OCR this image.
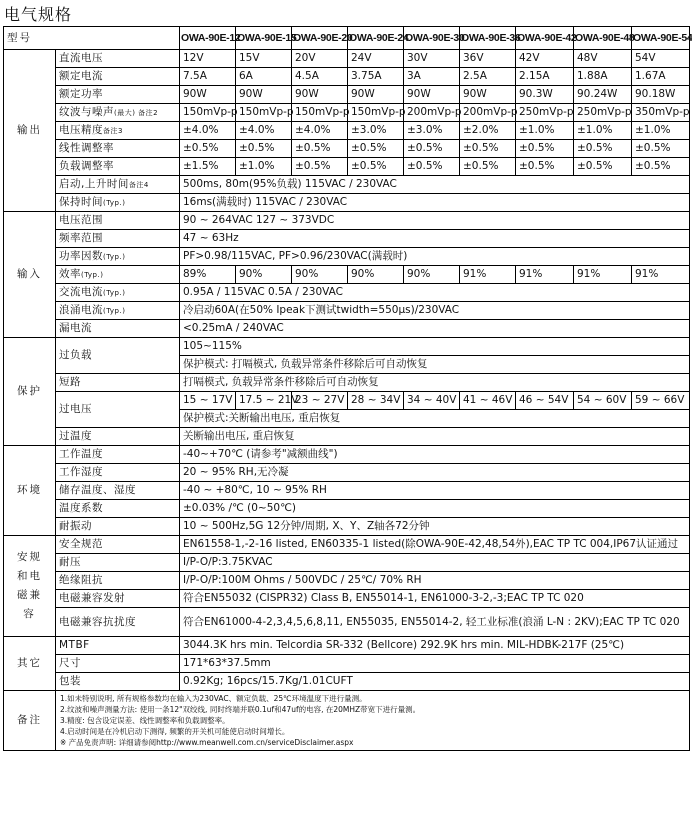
电气规格
型号		OWA-90E-12	OWA-90E-15	OWA-90E-20	OWA-90E-24	OWA-90E-30	OWA-90E-36	OWA-90E-42	OWA-90E-48	OWA-90E-54
输出	直流电压	12V	15V	20V	24V	30V	36V	42V	48V	54V
	额定电流	7.5A	6A	4.5A	3.75A	3A	2.5A	2.15A	1.88A	1.67A
	额定功率	90W	90W	90W	90W	90W	90W	90.3W	90.24W	90.18W
	纹波与噪声(最大) 备注2	150mVp-p	150mVp-p	150mVp-p	150mVp-p	200mVp-p	200mVp-p	250mVp-p	250mVp-p	350mVp-p
	电压精度备注3	±4.0%	±4.0%	±4.0%	±3.0%	±3.0%	±2.0%	±1.0%	±1.0%	±1.0%
	线性调整率	±0.5%	±0.5%	±0.5%	±0.5%	±0.5%	±0.5%	±0.5%	±0.5%	±0.5%
	负载调整率	±1.5%	±1.0%	±0.5%	±0.5%	±0.5%	±0.5%	±0.5%	±0.5%	±0.5%
	启动,上升时间备注4	500ms, 80m(95%负载) 115VAC / 230VAC								
	保持时间(Typ.)	16ms(满载时) 115VAC / 230VAC								
输入	电压范围	90 ~ 264VAC 127 ~ 373VDC								
	频率范围	47 ~ 63Hz								
	功率因数(Typ.)	PF>0.98/115VAC, PF>0.96/230VAC(满载时)								
	效率(Typ.)	89%	90%	90%	90%	90%	91%	91%	91%	91%
	交流电流(Typ.)	0.95A / 115VAC 0.5A / 230VAC								
	浪涌电流(Typ.)	冷启动60A(在50% Ipeak下测试twidth=550µs)/230VAC								
	漏电流	<0.25mA / 240VAC								
保护	过负载	105~115%								
		保护模式: 打嗝模式, 负载异常条件移除后可自动恢复								
	短路	打嗝模式, 负载异常条件移除后可自动恢复								
	过电压	15 ~ 17V	17.5 ~ 21V	23 ~ 27V	28 ~ 34V	34 ~ 40V	41 ~ 46V	46 ~ 54V	54 ~ 60V	59 ~ 66V
		保护模式:关断输出电压, 重启恢复								
	过温度	关断输出电压, 重启恢复								
环境	工作温度	-40~+70℃ (请参考"减额曲线")								
	工作湿度	20 ~ 95% RH,无冷凝								
	储存温度、湿度	-40 ~ +80℃, 10 ~ 95% RH								
	温度系数	±0.03% /℃ (0~50℃)								
	耐振动	10 ~ 500Hz,5G 12分钟/周期, X、Y、Z轴各72分钟								
安规和电磁兼容	安全规范	EN61558-1,-2-16 listed, EN60335-1 listed(除OWA-90E-42,48,54外),EAC TP TC 004,IP67认证通过								
	耐压	I/P-O/P:3.75KVAC								
	绝缘阻抗	I/P-O/P:100M Ohms / 500VDC / 25℃/ 70% RH								
	电磁兼容发射	符合EN55032 (CISPR32) Class B, EN55014-1, EN61000-3-2,-3;EAC TP TC 020								
	电磁兼容抗扰度	符合EN61000-4-2,3,4,5,6,8,11, EN55035, EN55014-2, 轻工业标准(浪涌 L-N : 2KV);EAC TP TC 020								
其它	MTBF	3044.3K hrs min. Telcordia SR-332 (Bellcore) 292.9K hrs min. MIL-HDBK-217F (25℃)								
	尺寸	171*63*37.5mm								
	包装	0.92Kg; 16pcs/15.7Kg/1.01CUFT								
备注	1.如未特别说明, 所有规格参数均在输入为230VAC、额定负载、25℃环境温度下进行量测。
2.纹波和噪声测量方法: 使用一条12"双绞线, 同时终端并联0.1uf和47uf的电容, 在20MHZ带宽下进行量测。
3.精度: 包含设定误差、线性调整率和负载调整率。
4.启动时间是在冷机启动下测得, 频繁的开关机可能使启动时间增长。
※ 产品免责声明: 详细请参阅http://www.meanwell.com.cn/serviceDisclaimer.aspx									
